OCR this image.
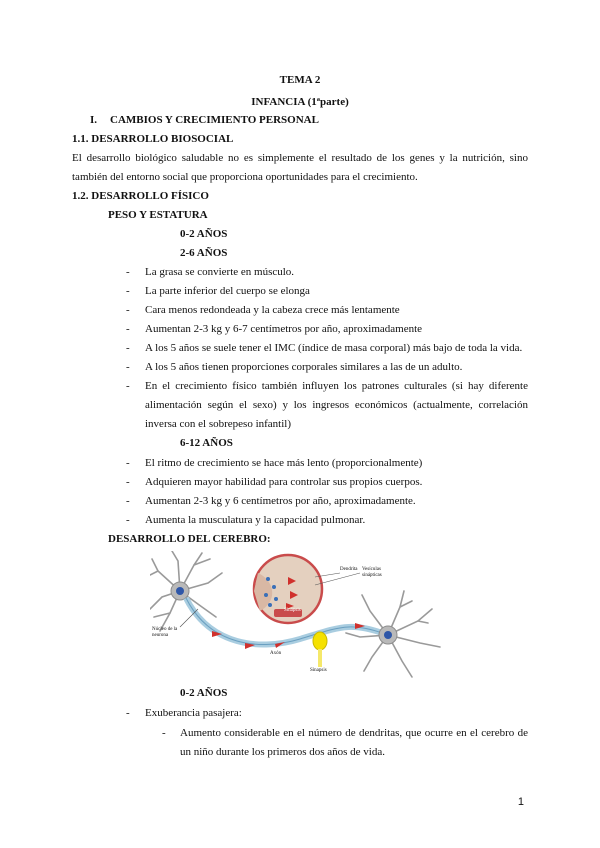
TEMA 2
INFANCIA (1ªparte)
I. CAMBIOS Y CRECIMIENTO PERSONAL
1.1. DESARROLLO BIOSOCIAL
El desarrollo biológico saludable no es simplemente el resultado de los genes y la nutrición, sino
también del entorno social que proporciona oportunidades para el crecimiento.
1.2. DESARROLLO FÍSICO
PESO Y ESTATURA
0-2 AÑOS
2-6 AÑOS
- La grasa se convierte en músculo.
- La parte inferior del cuerpo se elonga
- Cara menos redondeada y la cabeza crece más lentamente
- Aumentan 2-3 kg y 6-7 centímetros por año, aproximadamente
- A los 5 años se suele tener el IMC (índice de masa corporal) más bajo de toda la vida.
- A los 5 años tienen proporciones corporales similares a las de un adulto.
- En el crecimiento físico también influyen los patrones culturales (si hay diferente
alimentación según el sexo) y los ingresos económicos (actualmente, correlación
inversa con el sobrepeso infantil)
6-12 AÑOS
- El ritmo de crecimiento se hace más lento (proporcionalmente)
- Adquieren mayor habilidad para controlar sus propios cuerpos.
- Aumentan 2-3 kg y 6 centímetros por año, aproximadamente.
- Aumenta la musculatura y la capacidad pulmonar.
DESARROLLO DEL CEREBRO:
Sinapsis
Dendrita Vesículas sinápticas
Núcleo de la neurona
Axón
Sinapsis
0-2 AÑOS
- Exuberancia pasajera:
- Aumento considerable en el número de dendritas, que ocurre en el cerebro de
un niño durante los primeros dos años de vida.
1
